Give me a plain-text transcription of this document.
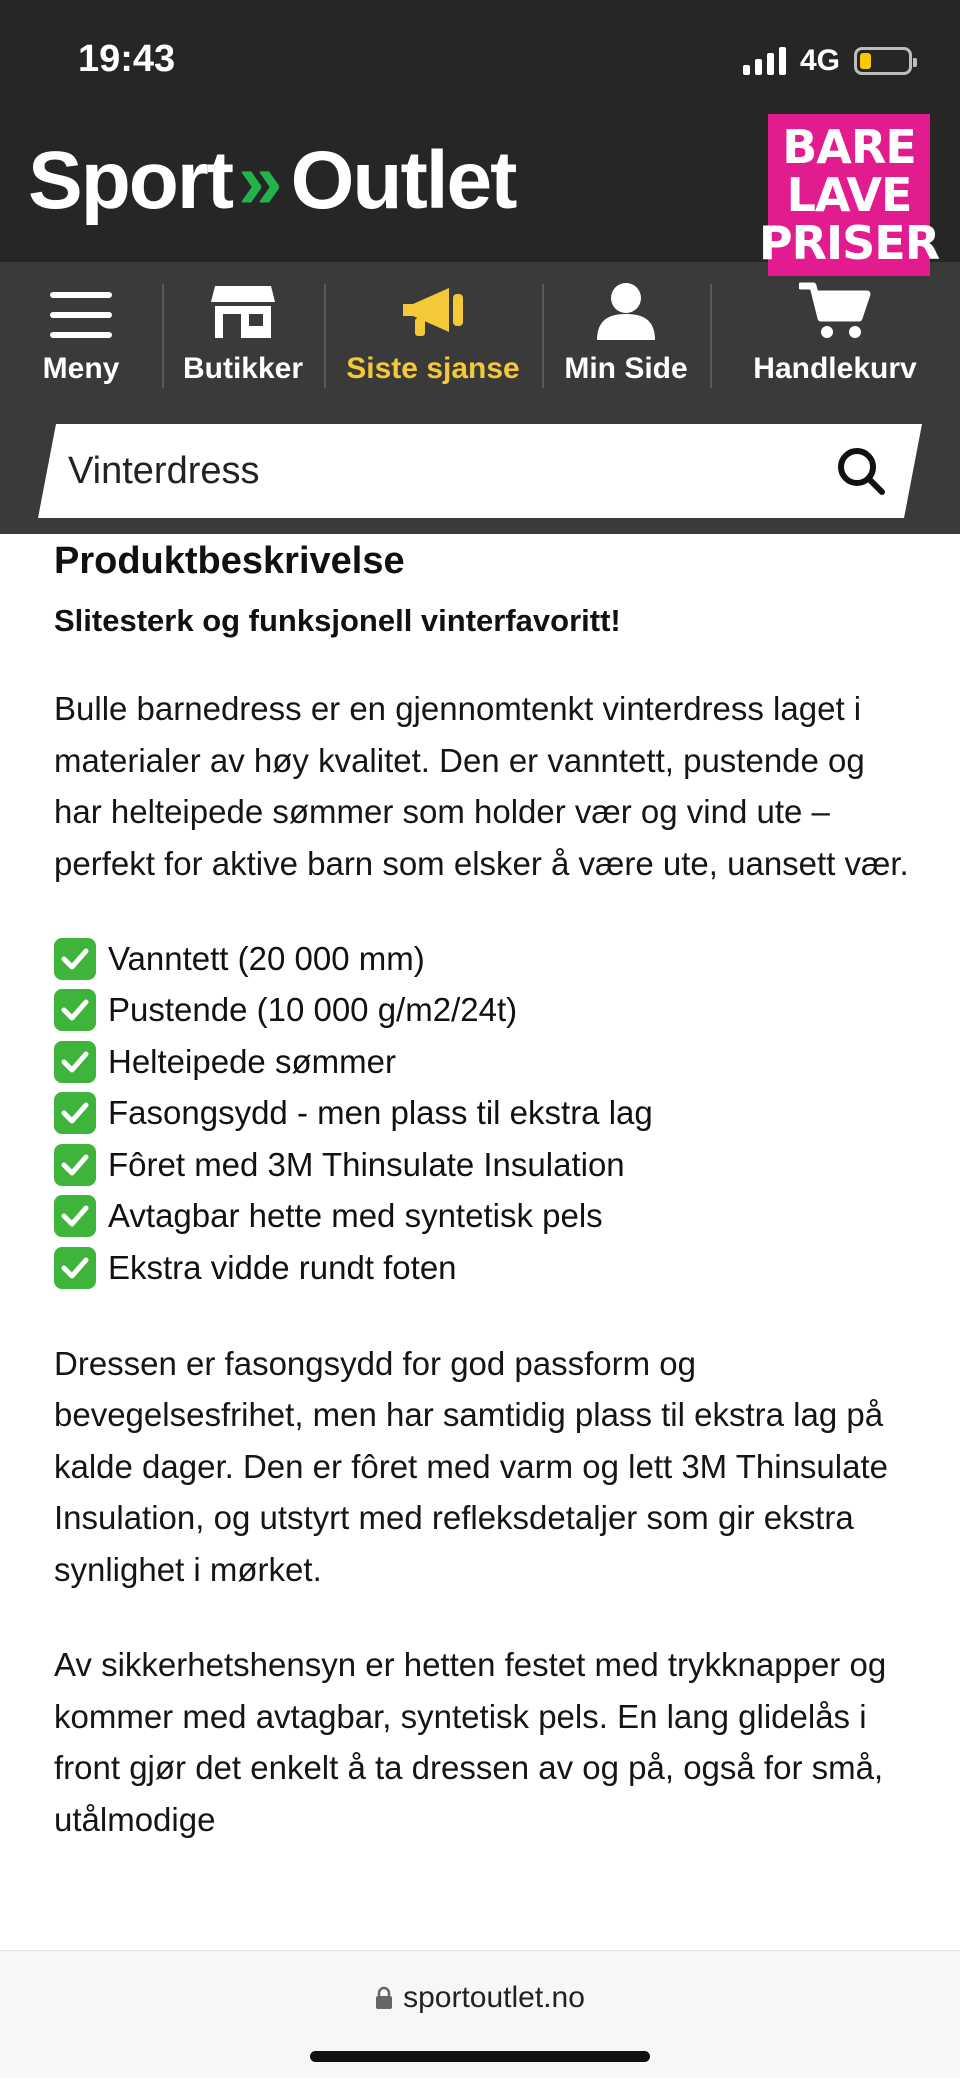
19:43	4G
Sport » Outlet	BARE
LAVE
PRISER
Meny Butikker Siste sjanse Min Side Handlekurv
Vinterdress
Produktbeskrivelse
Slitesterk og funksjonell vinterfavoritt!

Bulle barnedress er en gjennomtenkt vinterdress laget i materialer av høy kvalitet. Den er vanntett, pustende og har helteipede sømmer som holder vær og vind ute – perfekt for aktive barn som elsker å være ute, uansett vær.

Vanntett (20 000 mm)
Pustende (10 000 g/m2/24t)
Helteipede sømmer
Fasongsydd - men plass til ekstra lag
Fôret med 3M Thinsulate Insulation
Avtagbar hette med syntetisk pels
Ekstra vidde rundt foten

Dressen er fasongsydd for god passform og bevegelsesfrihet, men har samtidig plass til ekstra lag på kalde dager. Den er fôret med varm og lett 3M Thinsulate Insulation, og utstyrt med refleksdetaljer som gir ekstra synlighet i mørket.

Av sikkerhetshensyn er hetten festet med trykknapper og kommer med avtagbar, syntetisk pels. En lang glidelås i front gjør det enkelt å ta dressen av og på, også for små, utålmodige

sportoutlet.no
